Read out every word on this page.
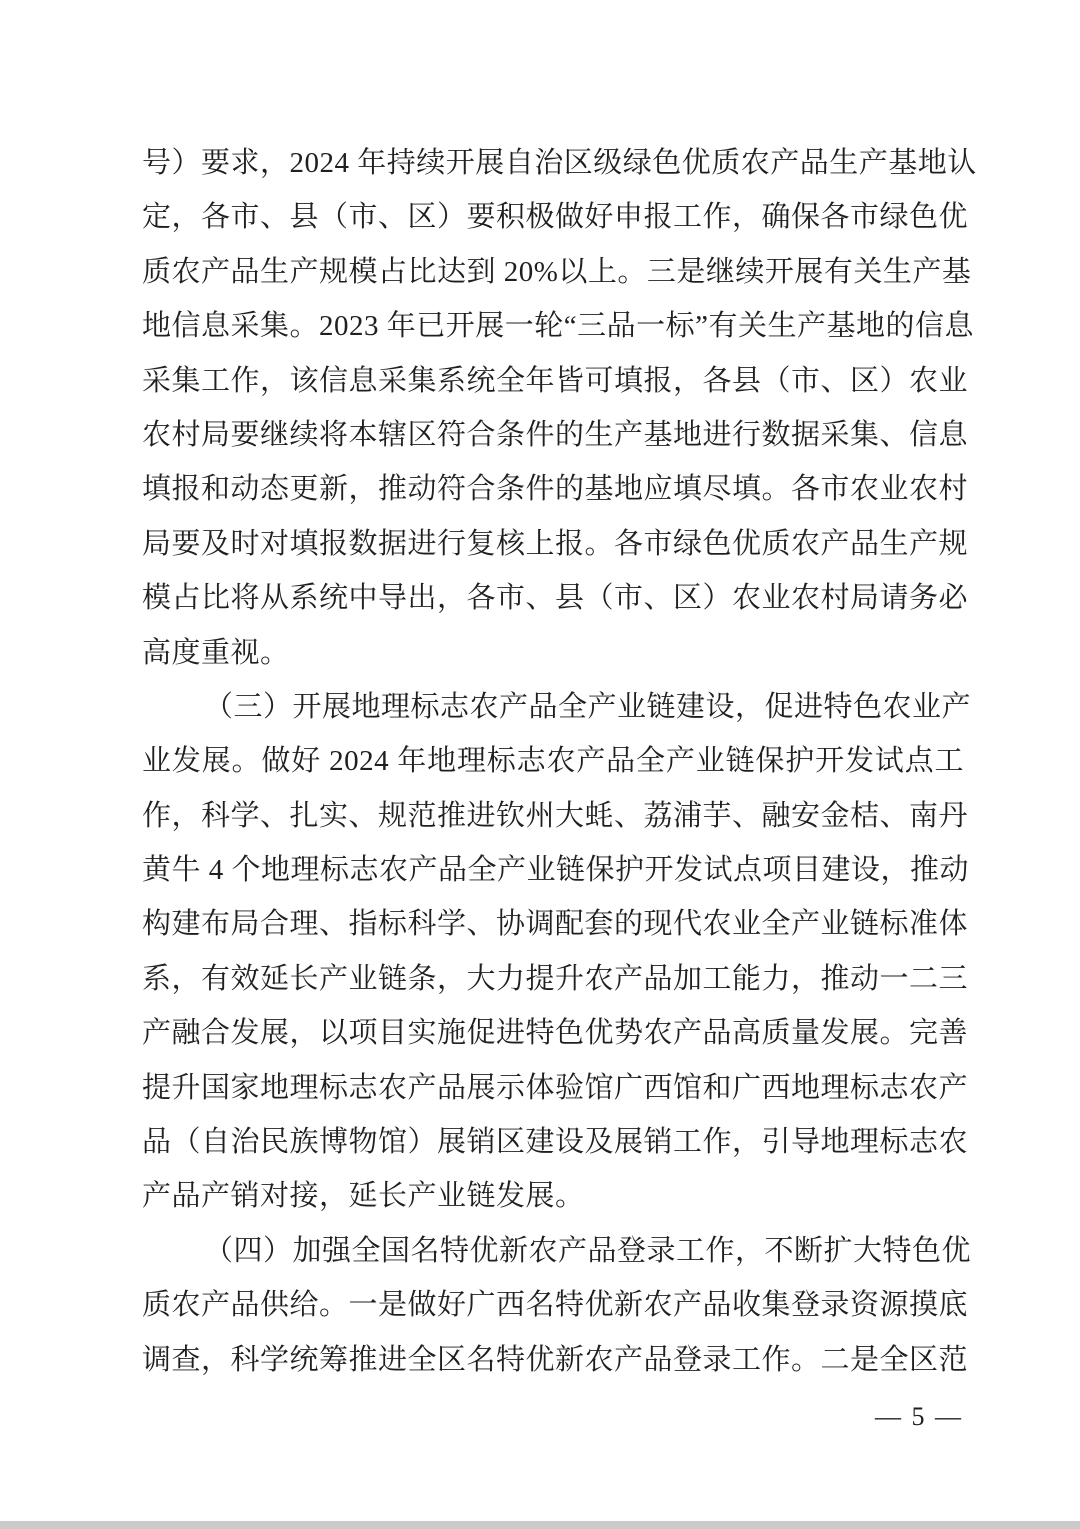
号）要求，2024 年持续开展自治区级绿色优质农产品生产基地认
定，各市、县（市、区）要积极做好申报工作，确保各市绿色优
质农产品生产规模占比达到 20%以上。三是继续开展有关生产基
地信息采集。2023 年已开展一轮“三品一标”有关生产基地的信息
采集工作，该信息采集系统全年皆可填报，各县（市、区）农业
农村局要继续将本辖区符合条件的生产基地进行数据采集、信息
填报和动态更新，推动符合条件的基地应填尽填。各市农业农村
局要及时对填报数据进行复核上报。各市绿色优质农产品生产规
模占比将从系统中导出，各市、县（市、区）农业农村局请务必
高度重视。
（三）开展地理标志农产品全产业链建设，促进特色农业产
业发展。做好 2024 年地理标志农产品全产业链保护开发试点工
作，科学、扎实、规范推进钦州大蚝、荔浦芋、融安金桔、南丹
黄牛 4 个地理标志农产品全产业链保护开发试点项目建设，推动
构建布局合理、指标科学、协调配套的现代农业全产业链标准体
系，有效延长产业链条，大力提升农产品加工能力，推动一二三
产融合发展，以项目实施促进特色优势农产品高质量发展。完善
提升国家地理标志农产品展示体验馆广西馆和广西地理标志农产
品（自治民族博物馆）展销区建设及展销工作，引导地理标志农
产品产销对接，延长产业链发展。
（四）加强全国名特优新农产品登录工作，不断扩大特色优
质农产品供给。一是做好广西名特优新农产品收集登录资源摸底
调查，科学统筹推进全区名特优新农产品登录工作。二是全区范
— 5 —
